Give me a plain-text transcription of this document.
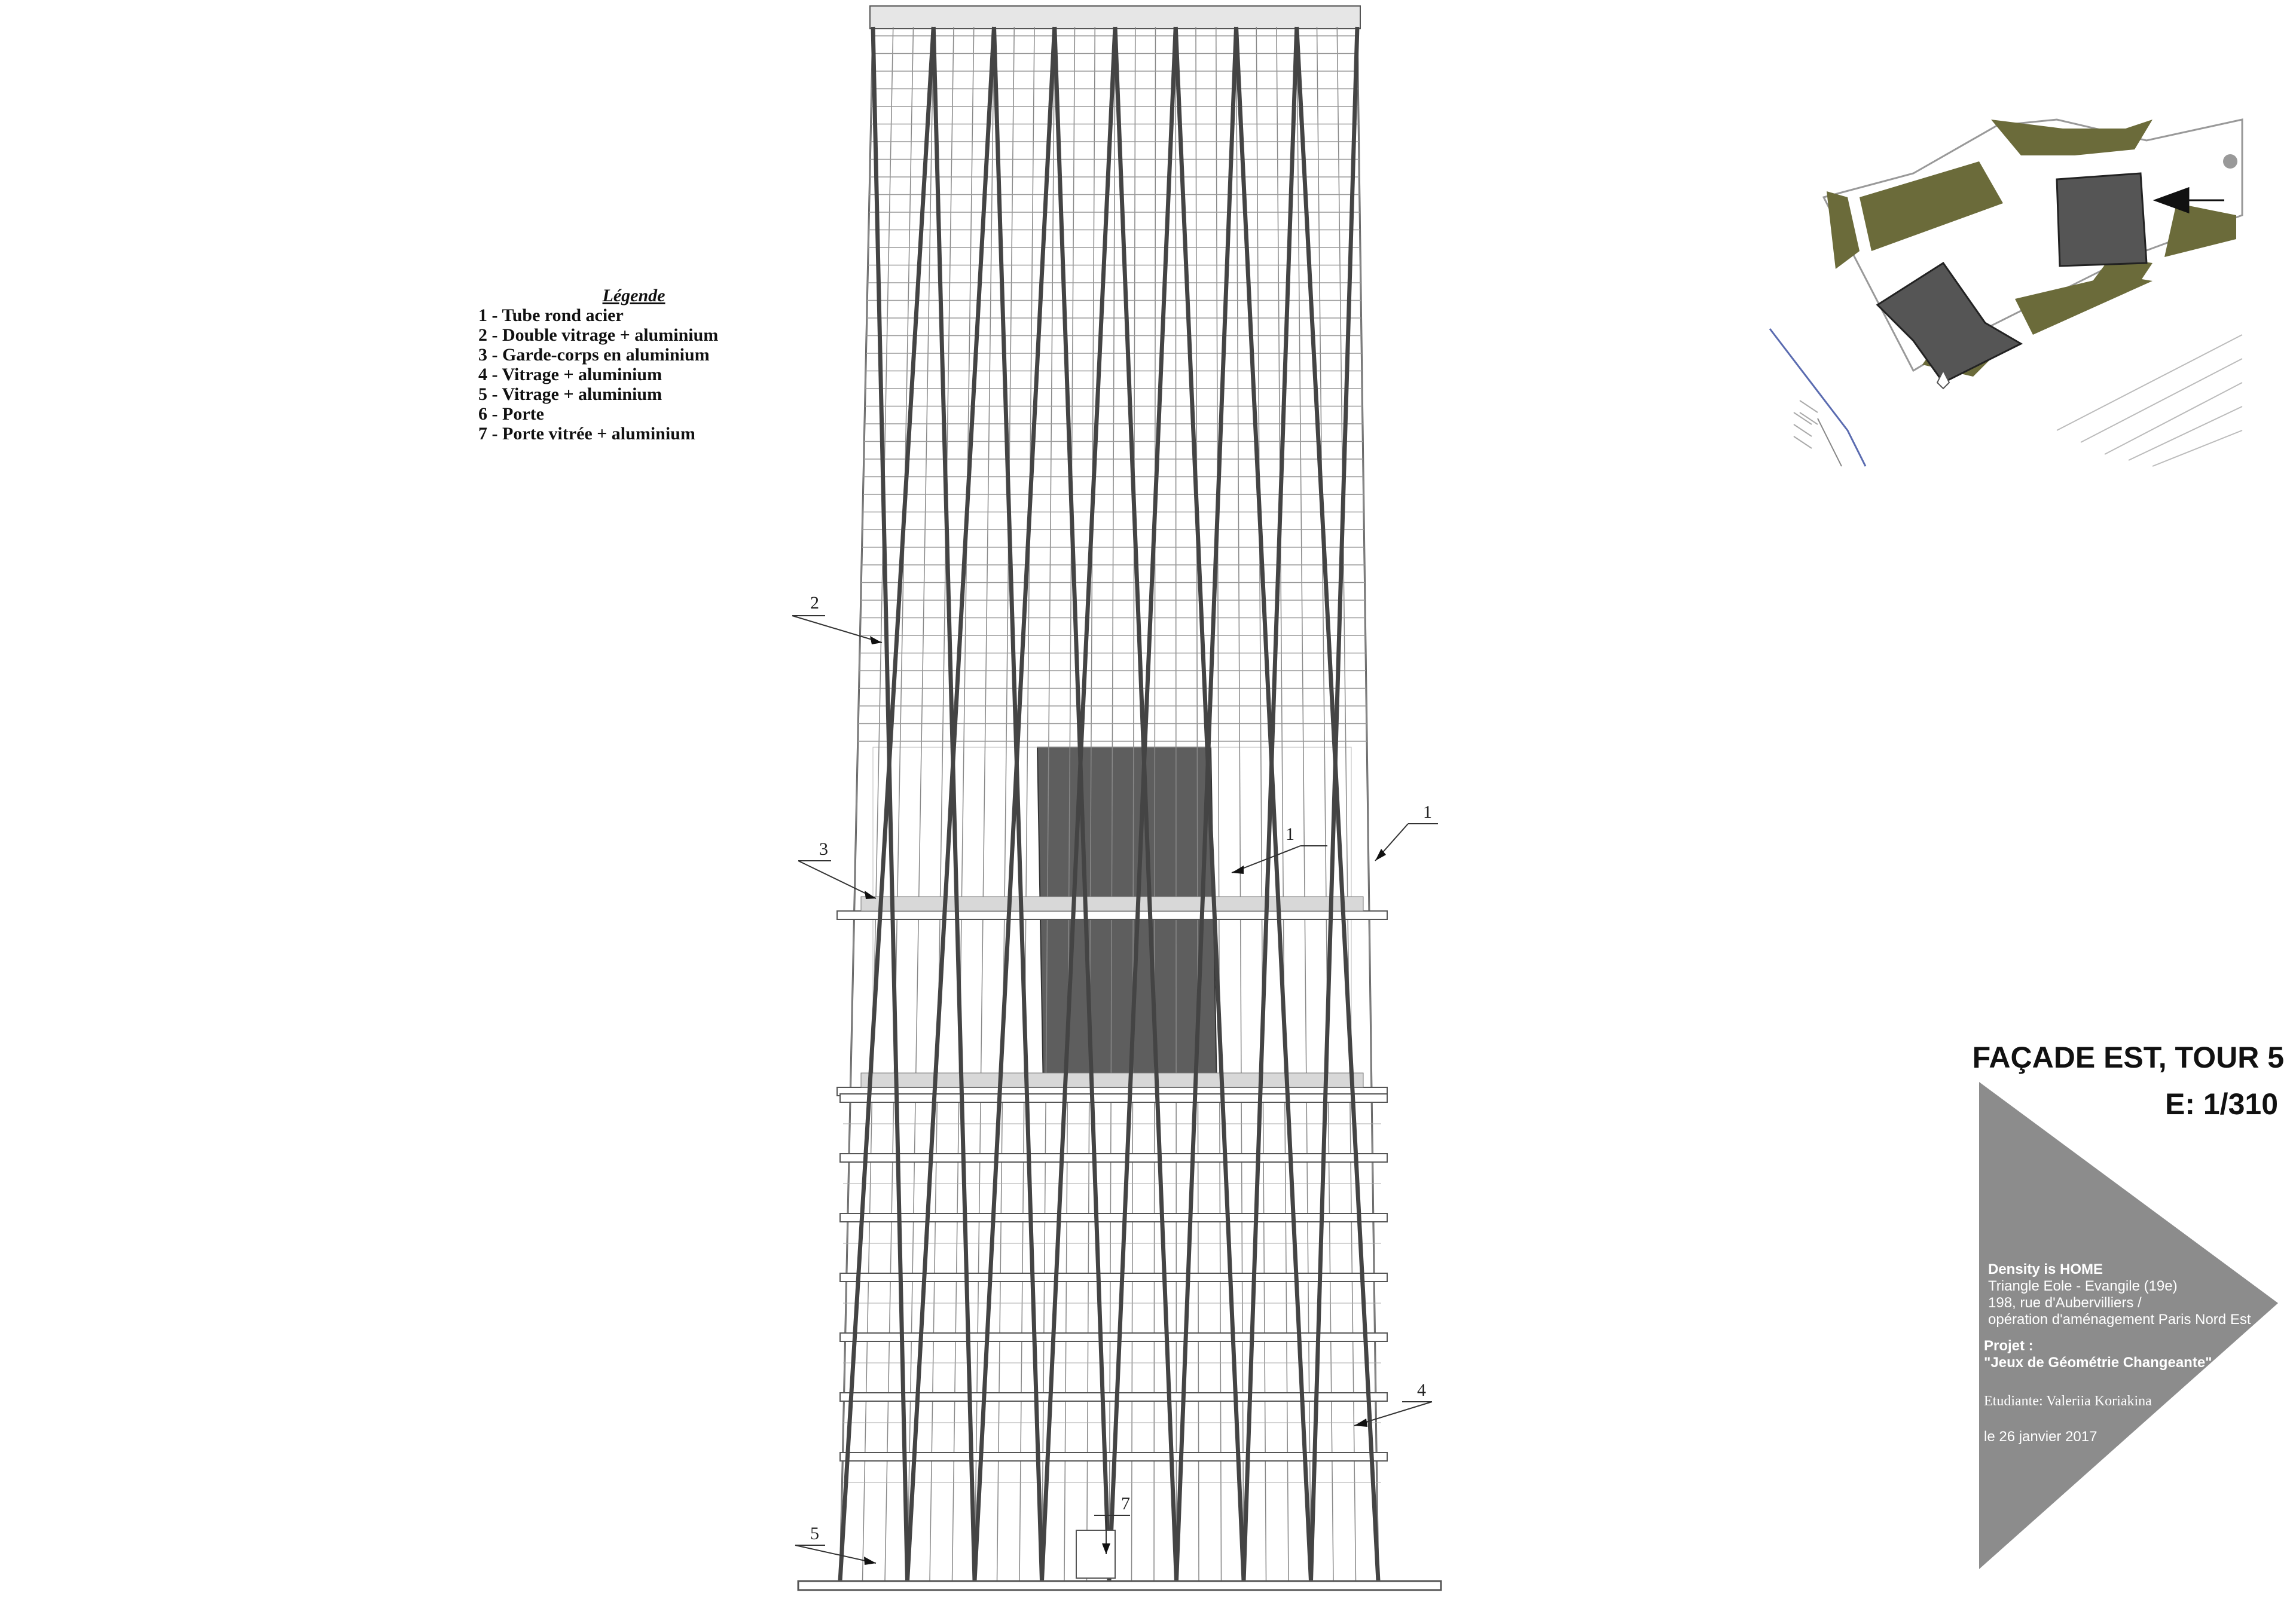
2
3
1
1
4
5
7
Légende
1 - Tube rond acier
2 - Double vitrage + aluminium
3 - Garde-corps en aluminium
4 - Vitrage + aluminium
5 - Vitrage + aluminium
6 - Porte
7 - Porte vitrée + aluminium
FAÇADE EST, TOUR 5
E: 1/310
Density is HOME
Triangle Eole - Evangile (19e)
198, rue d'Aubervilliers /
opération d'aménagement Paris Nord Est
Projet :
"Jeux de Géométrie Changeante"
Etudiante: Valeriia Koriakina
le 26 janvier 2017
